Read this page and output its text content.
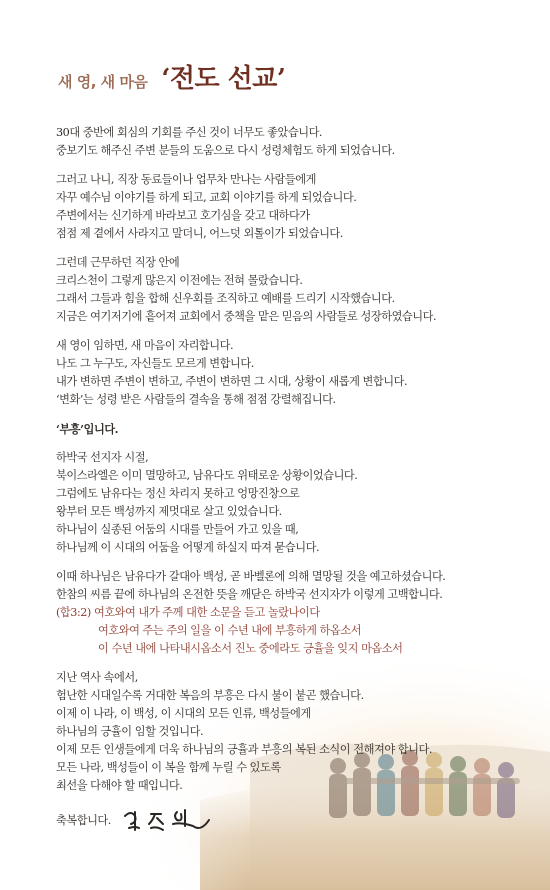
새 영, 새 마음 ‘전도 선교’
30대 중반에 회심의 기회를 주신 것이 너무도 좋았습니다.
중보기도 해주신 주변 분들의 도움으로 다시 성령체험도 하게 되었습니다.
그러고 나니, 직장 동료들이나 업무차 만나는 사람들에게
자꾸 예수님 이야기를 하게 되고, 교회 이야기를 하게 되었습니다.
주변에서는 신기하게 바라보고 호기심을 갖고 대하다가
점점 제 곁에서 사라지고 말더니, 어느덧 외톨이가 되었습니다.
그런데 근무하던 직장 안에
크리스천이 그렇게 많은지 이전에는 전혀 몰랐습니다.
그래서 그들과 힘을 합해 신우회를 조직하고 예배를 드리기 시작했습니다.
지금은 여기저기에 흩어져 교회에서 중책을 맡은 믿음의 사람들로 성장하였습니다.
새 영이 임하면, 새 마음이 자리합니다.
나도 그 누구도, 자신들도 모르게 변합니다.
내가 변하면 주변이 변하고, 주변이 변하면 그 시대, 상황이 새롭게 변합니다.
‘변화’는 성령 받은 사람들의 결속을 통해 점점 강렬해집니다.
‘부흥’입니다.
하박국 선지자 시절,
북이스라엘은 이미 멸망하고, 남유다도 위태로운 상황이었습니다.
그럼에도 남유다는 정신 차리지 못하고 엉망진창으로
왕부터 모든 백성까지 제멋대로 살고 있었습니다.
하나님이 실종된 어둠의 시대를 만들어 가고 있을 때,
하나님께 이 시대의 어둠을 어떻게 하실지 따져 묻습니다.
이때 하나님은 남유다가 갈대아 백성, 곧 바벨론에 의해 멸망될 것을 예고하셨습니다.
한참의 씨름 끝에 하나님의 온전한 뜻을 깨닫은 하박국 선지자가 이렇게 고백합니다.
(합3:2) 여호와여 내가 주께 대한 소문을 듣고 놀랐나이다
여호와여 주는 주의 일을 이 수년 내에 부흥하게 하옵소서
이 수년 내에 나타내시옵소서 진노 중에라도 긍휼을 잊지 마옵소서
지난 역사 속에서,
험난한 시대일수록 거대한 복음의 부흥은 다시 불이 붙곤 했습니다.
이제 이 나라, 이 백성, 이 시대의 모든 인류, 백성들에게
하나님의 긍휼이 임할 것입니다.
이제 모든 인생들에게 더욱 하나님의 긍휼과 부흥의 복된 소식이 전해져야 합니다.
모든 나라, 백성들이 이 복을 함께 누릴 수 있도록
최선을 다해야 할 때입니다.
축복합니다.
